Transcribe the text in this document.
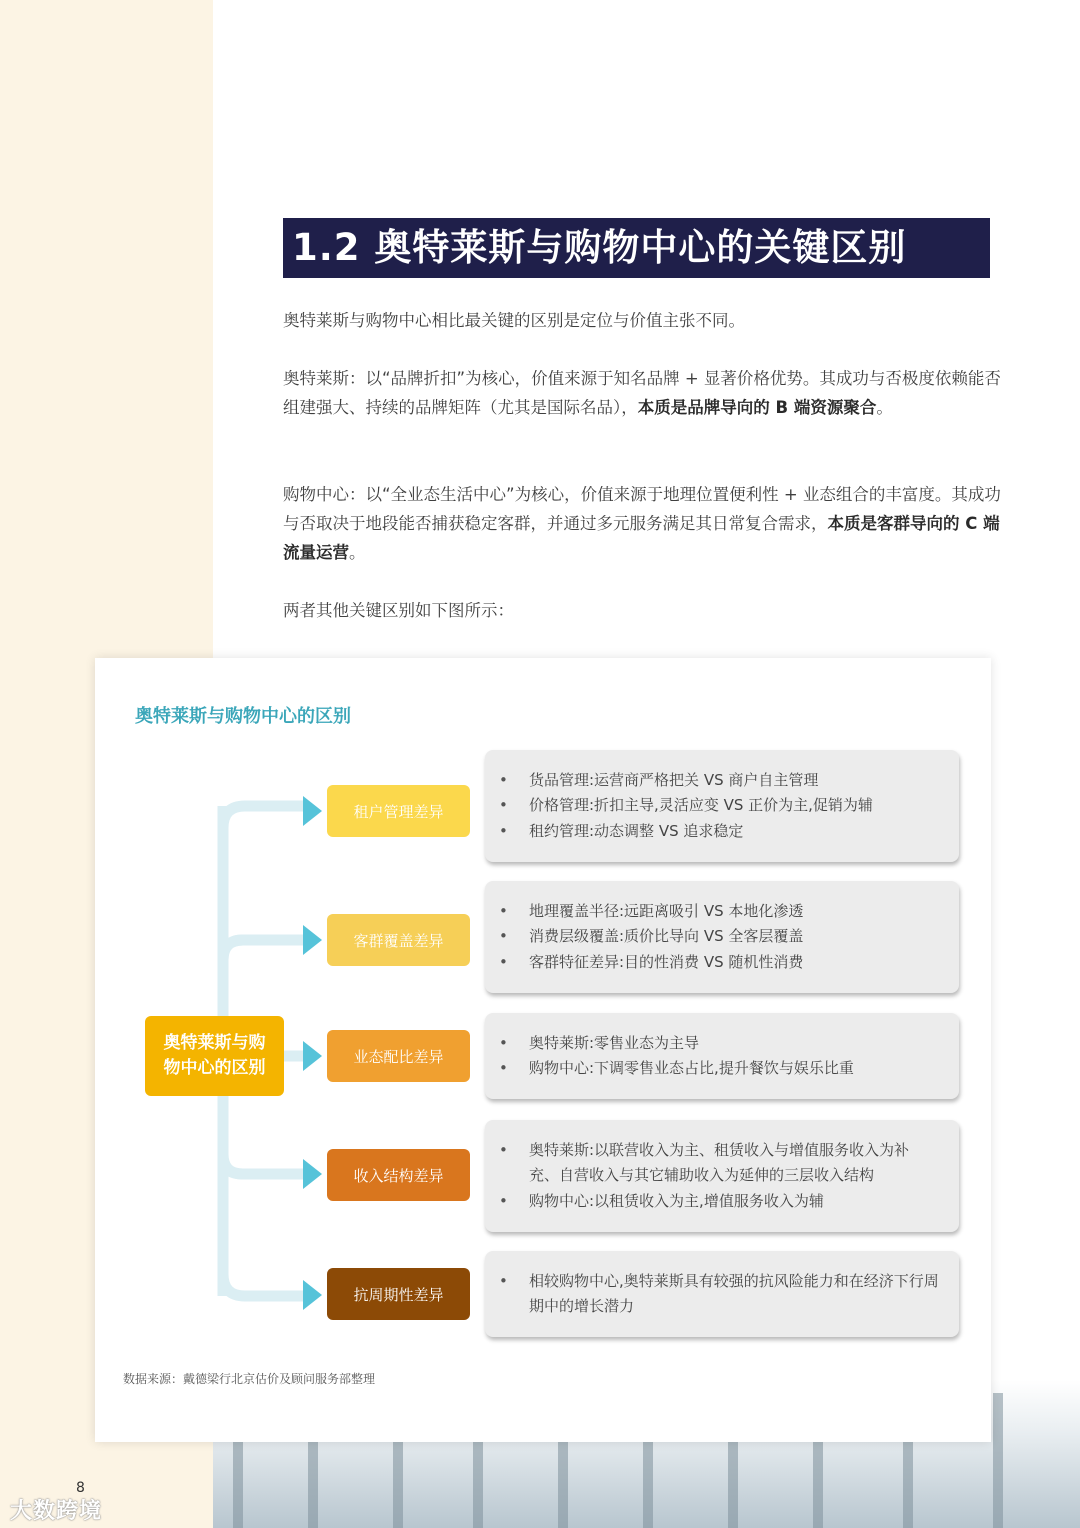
8
大数跨境
1.2 奥特莱斯与购物中心的关键区别
奥特莱斯与购物中心相比最关键的区别是定位与价值主张不同。
奥特莱斯：以“品牌折扣”为核心，价值来源于知名品牌 + 显著价格优势。其成功与否极度依赖能否组建强大、持续的品牌矩阵（尤其是国际名品），本质是品牌导向的 B 端资源聚合。
购物中心：以“全业态生活中心”为核心，价值来源于地理位置便利性 + 业态组合的丰富度。其成功与否取决于地段能否捕获稳定客群，并通过多元服务满足其日常复合需求，本质是客群导向的 C 端流量运营。
两者其他关键区别如下图所示：
奥特莱斯与购物中心的区别
奥特莱斯与购物中心的区别
租户管理差异
客群覆盖差异
业态配比差异
收入结构差异
抗周期性差异
• 货品管理:运营商严格把关 VS 商户自主管理
• 价格管理:折扣主导,灵活应变 VS 正价为主,促销为辅
• 租约管理:动态调整 VS 追求稳定
• 地理覆盖半径:远距离吸引 VS 本地化渗透
• 消费层级覆盖:质价比导向 VS 全客层覆盖
• 客群特征差异:目的性消费 VS 随机性消费
• 奥特莱斯:零售业态为主导
• 购物中心:下调零售业态占比,提升餐饮与娱乐比重
• 奥特莱斯:以联营收入为主、租赁收入与增值服务收入为补充、自营收入与其它辅助收入为延伸的三层收入结构
• 购物中心:以租赁收入为主,增值服务收入为辅
• 相较购物中心,奥特莱斯具有较强的抗风险能力和在经济下行周期中的增长潜力
数据来源：戴德梁行北京估价及顾问服务部整理
